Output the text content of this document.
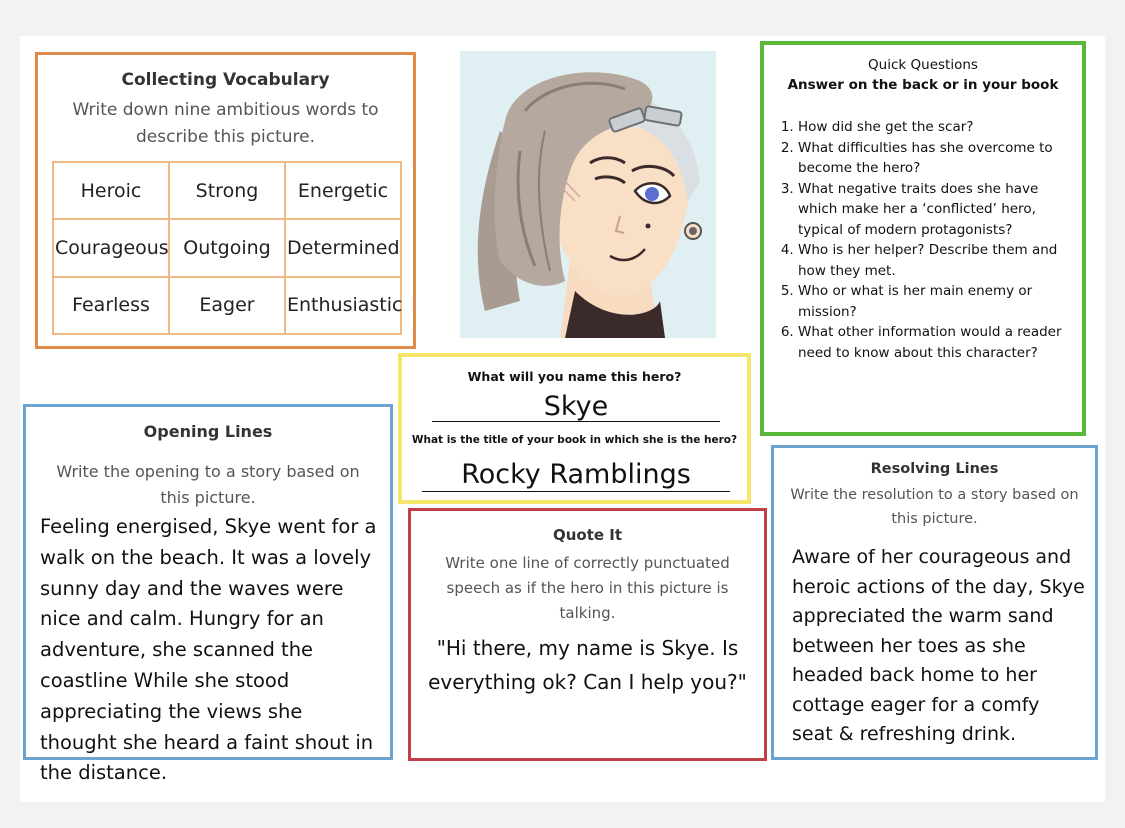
Collecting Vocabulary
Write down nine ambitious words to describe this picture.
Heroic	Strong	Energetic
Courageous	Outgoing	Determined
Fearless	Eager	Enthusiastic
Quick Questions
Answer on the back or in your book
1. How did she get the scar?
2. What difficulties has she overcome to become the hero?
3. What negative traits does she have which make her a ‘conflicted’ hero, typical of modern protagonists?
4. Who is her helper? Describe them and how they met.
5. Who or what is her main enemy or mission?
6. What other information would a reader need to know about this character?
What will you name this hero?
Skye
What is the title of your book in which she is the hero?
Rocky Ramblings
Opening Lines
Write the opening to a story based on this picture.
Feeling energised, Skye went for a walk on the beach. It was a lovely sunny day and the waves were nice and calm. Hungry for an adventure, she scanned the coastline While she stood appreciating the views she thought she heard a faint shout in the distance.
Quote It
Write one line of correctly punctuated speech as if the hero in this picture is talking.
"Hi there, my name is Skye. Is everything ok? Can I help you?"
Resolving Lines
Write the resolution to a story based on this picture.
Aware of her courageous and heroic actions of the day, Skye appreciated the warm sand between her toes as she headed back home to her cottage eager for a comfy seat & refreshing drink.
